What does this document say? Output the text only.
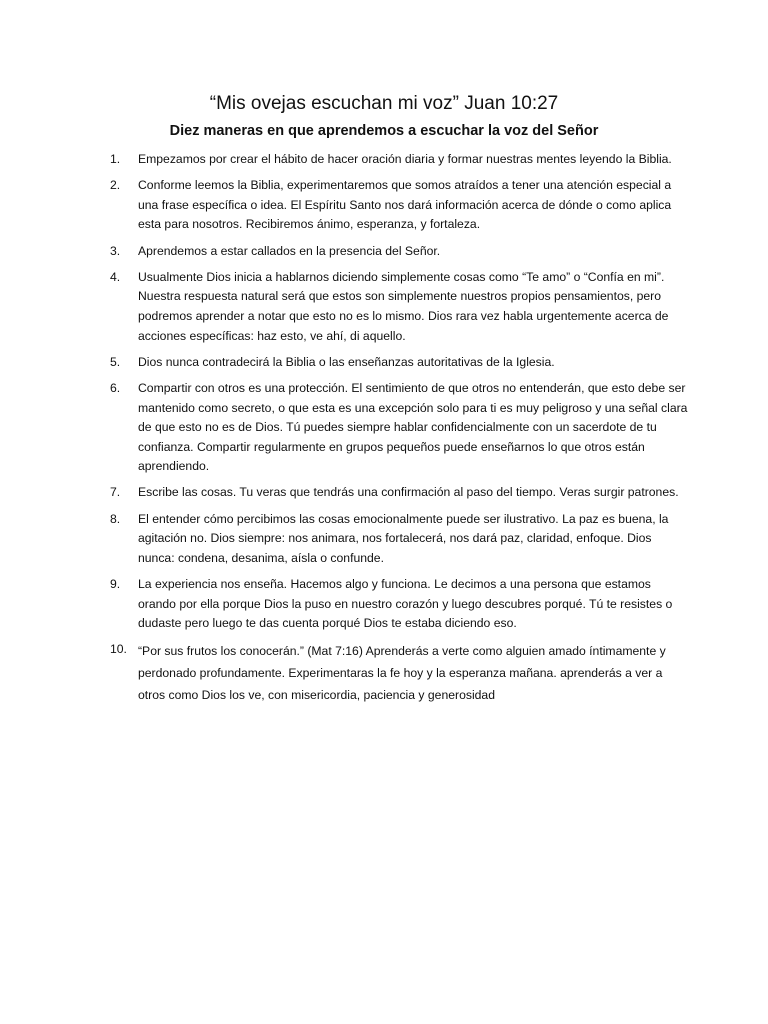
“Mis ovejas escuchan mi voz” Juan 10:27
Diez maneras en que aprendemos a escuchar la voz del Señor
1. Empezamos por crear el hábito de hacer oración diaria y formar nuestras mentes leyendo la Biblia.
2. Conforme leemos la Biblia, experimentaremos que somos atraídos a tener una atención especial a una frase específica o idea. El Espíritu Santo nos dará información acerca de dónde o como aplica esta para nosotros. Recibiremos ánimo, esperanza, y fortaleza.
3. Aprendemos a estar callados en la presencia del Señor.
4. Usualmente Dios inicia a hablarnos diciendo simplemente cosas como “Te amo” o “Confía en mi”. Nuestra respuesta natural será que estos son simplemente nuestros propios pensamientos, pero podremos aprender a notar que esto no es lo mismo. Dios rara vez habla urgentemente acerca de acciones específicas: haz esto, ve ahí, di aquello.
5. Dios nunca contradecirá la Biblia o las enseñanzas autoritativas de la Iglesia.
6. Compartir con otros es una protección. El sentimiento de que otros no entenderán, que esto debe ser mantenido como secreto, o que esta es una excepción solo para ti es muy peligroso y una señal clara de que esto no es de Dios. Tú puedes siempre hablar confidencialmente con un sacerdote de tu confianza. Compartir regularmente en grupos pequeños puede enseñarnos lo que otros están aprendiendo.
7. Escribe las cosas. Tu veras que tendrás una confirmación al paso del tiempo. Veras surgir patrones.
8. El entender cómo percibimos las cosas emocionalmente puede ser ilustrativo. La paz es buena, la agitación no. Dios siempre: nos animara, nos fortalecerá, nos dará paz, claridad, enfoque. Dios nunca: condena, desanima, aísla o confunde.
9. La experiencia nos enseña. Hacemos algo y funciona. Le decimos a una persona que estamos orando por ella porque Dios la puso en nuestro corazón y luego descubres porqué. Tú te resistes o dudaste pero luego te das cuenta porqué Dios te estaba diciendo eso.
10. “Por sus frutos los conocerán.” (Mat 7:16) Aprenderás a verte como alguien amado íntimamente y perdonado profundamente. Experimentaras la fe hoy y la esperanza mañana. aprenderás a ver a otros como Dios los ve, con misericordia, paciencia y generosidad
